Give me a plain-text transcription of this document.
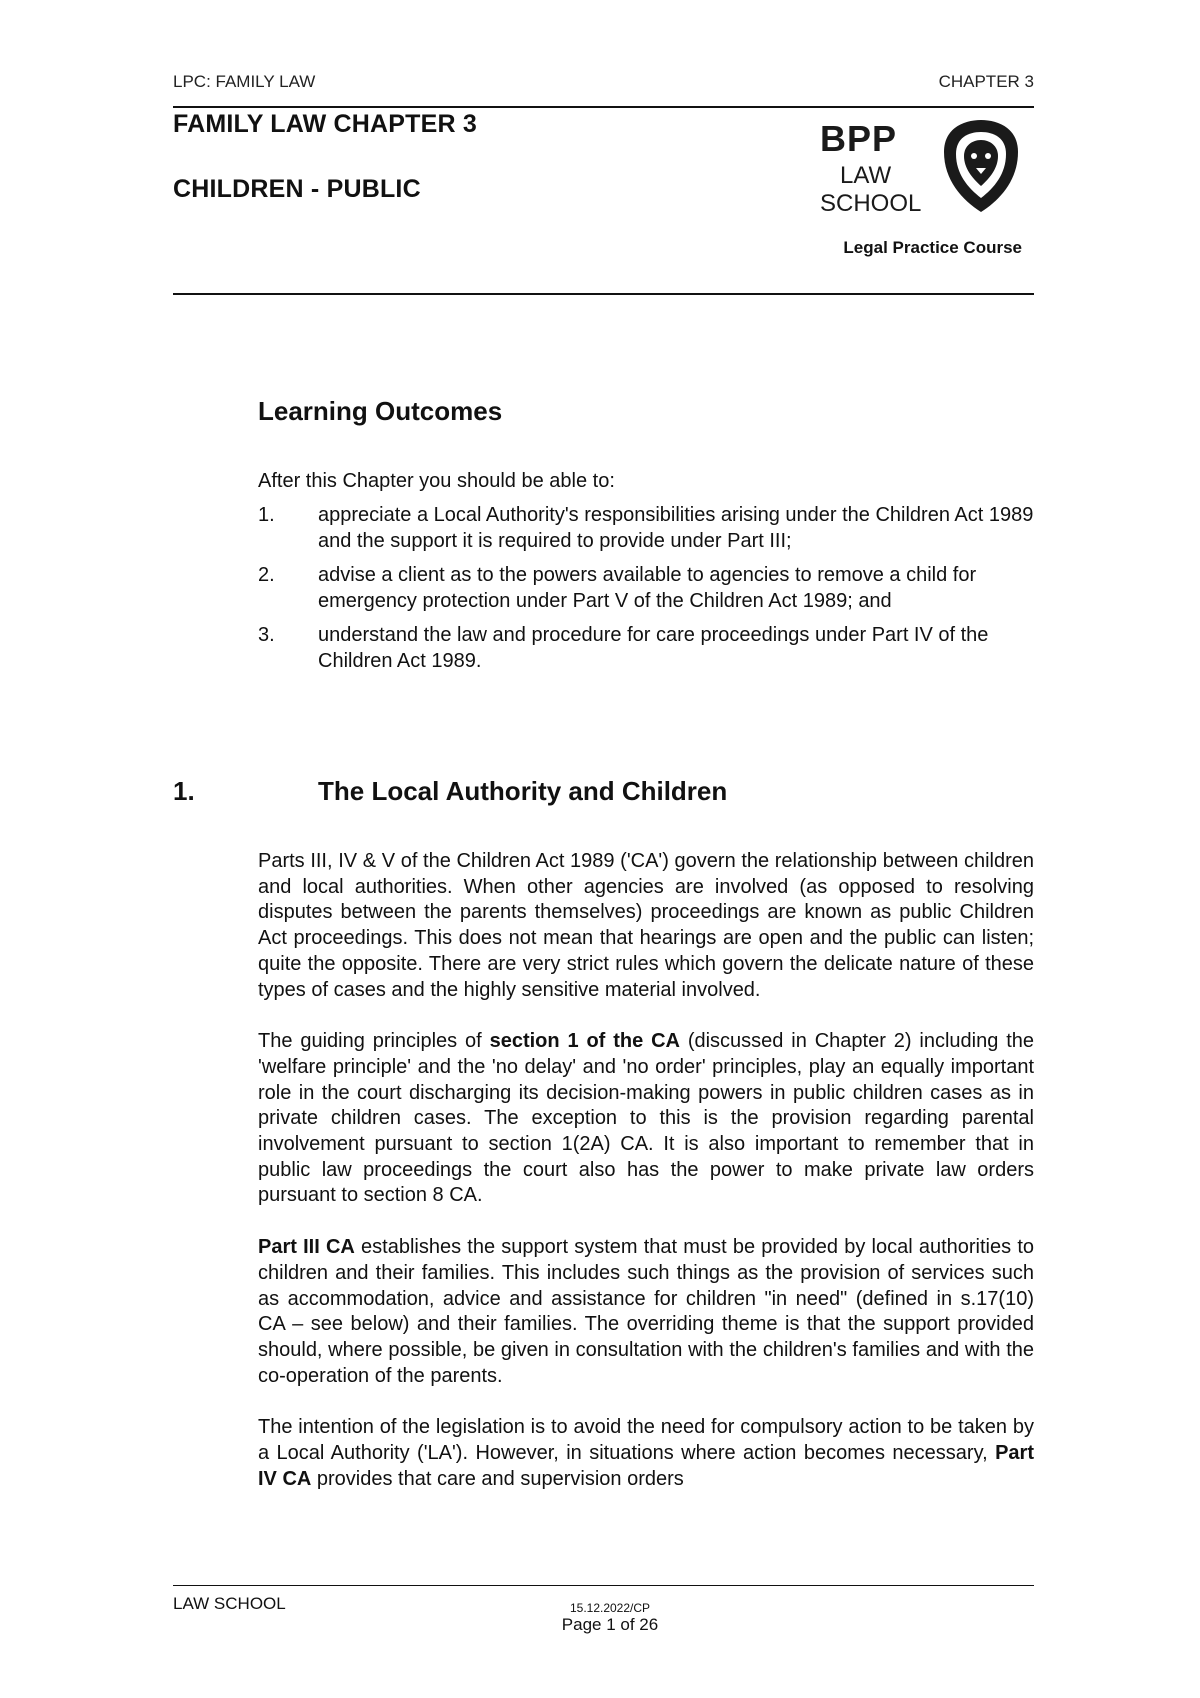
LPC: FAMILY LAW	CHAPTER 3
FAMILY LAW CHAPTER 3
CHILDREN - PUBLIC
BPP
LAW
SCHOOL
Legal Practice Course
Learning Outcomes
After this Chapter you should be able to:
1. appreciate a Local Authority's responsibilities arising under the Children Act 1989 and the support it is required to provide under Part III;
2. advise a client as to the powers available to agencies to remove a child for emergency protection under Part V of the Children Act 1989; and
3. understand the law and procedure for care proceedings under Part IV of the Children Act 1989.
1.	The Local Authority and Children

Parts III, IV & V of the Children Act 1989 ('CA') govern the relationship between children and local authorities. When other agencies are involved (as opposed to resolving disputes between the parents themselves) proceedings are known as public Children Act proceedings. This does not mean that hearings are open and the public can listen; quite the opposite. There are very strict rules which govern the delicate nature of these types of cases and the highly sensitive material involved.

The guiding principles of section 1 of the CA (discussed in Chapter 2) including the 'welfare principle' and the 'no delay' and 'no order' principles, play an equally important role in the court discharging its decision-making powers in public children cases as in private children cases. The exception to this is the provision regarding parental involvement pursuant to section 1(2A) CA. It is also important to remember that in public law proceedings the court also has the power to make private law orders pursuant to section 8 CA.

Part III CA establishes the support system that must be provided by local authorities to children and their families. This includes such things as the provision of services such as accommodation, advice and assistance for children "in need" (defined in s.17(10) CA – see below) and their families. The overriding theme is that the support provided should, where possible, be given in consultation with the children's families and with the co-operation of the parents.

The intention of the legislation is to avoid the need for compulsory action to be taken by a Local Authority ('LA'). However, in situations where action becomes necessary, Part IV CA provides that care and supervision orders

LAW SCHOOL	15.12.2022/CP
Page 1 of 26
